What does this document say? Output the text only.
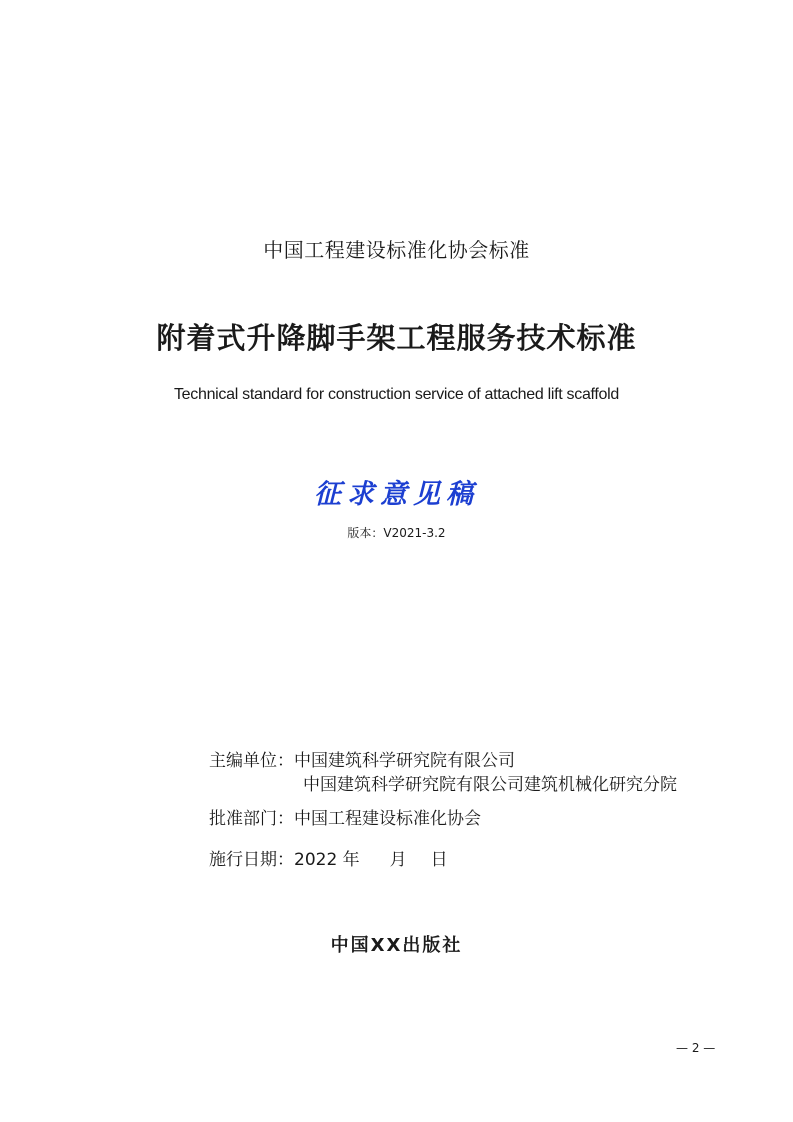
中国工程建设标准化协会标准
附着式升降脚手架工程服务技术标准
Technical standard for construction service of attached lift scaffold
征求意见稿
版本：V2021-3.2
主编单位：中国建筑科学研究院有限公司
中国建筑科学研究院有限公司建筑机械化研究分院
批准部门：中国工程建设标准化协会
施行日期：2022 年 月 日
中国XX出版社
— 2 —
